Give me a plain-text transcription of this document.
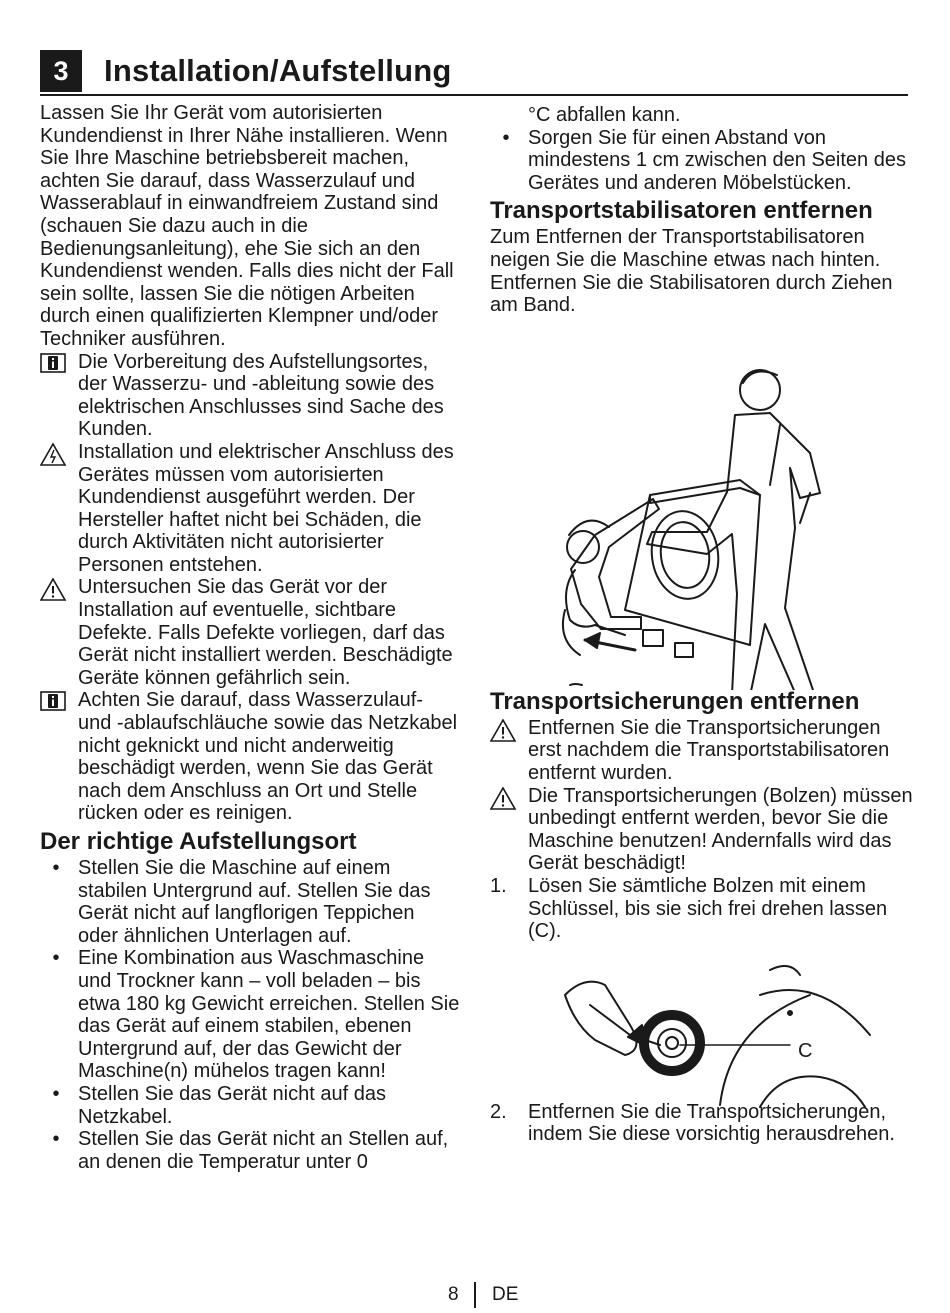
3	Installation/Aufstellung

Lassen Sie Ihr Gerät vom autorisierten Kundendienst in Ihrer Nähe installieren. Wenn Sie Ihre Maschine betriebsbereit machen, achten Sie darauf, dass Wasserzulauf und Wasserablauf in einwandfreiem Zustand sind (schauen Sie dazu auch in die Bedienungsanleitung), ehe Sie sich an den Kundendienst wenden. Falls dies nicht der Fall sein sollte, lassen Sie die nötigen Arbeiten durch einen qualifizierten Klempner und/oder Techniker ausführen.

Die Vorbereitung des Aufstellungsortes, der Wasserzu- und -ableitung sowie des elektrischen Anschlusses sind Sache des Kunden.
Installation und elektrischer Anschluss des Gerätes müssen vom autorisierten Kundendienst ausgeführt werden. Der Hersteller haftet nicht bei Schäden, die durch Aktivitäten nicht autorisierter Personen entstehen.
Untersuchen Sie das Gerät vor der Installation auf eventuelle, sichtbare Defekte. Falls Defekte vorliegen, darf das Gerät nicht installiert werden. Beschädigte Geräte können gefährlich sein.
Achten Sie darauf, dass Wasserzulauf- und -ablaufschläuche sowie das Netzkabel nicht geknickt und nicht anderweitig beschädigt werden, wenn Sie das Gerät nach dem Anschluss an Ort und Stelle rücken oder es reinigen.
Der richtige Aufstellungsort
• Stellen Sie die Maschine auf einem stabilen Untergrund auf. Stellen Sie das Gerät nicht auf langflorigen Teppichen oder ähnlichen Unterlagen auf.
• Eine Kombination aus Waschmaschine und Trockner kann – voll beladen – bis etwa 180 kg Gewicht erreichen. Stellen Sie das Gerät auf einem stabilen, ebenen Untergrund auf, der das Gewicht der Maschine(n) mühelos tragen kann!
• Stellen Sie das Gerät nicht auf das Netzkabel.
• Stellen Sie das Gerät nicht an Stellen auf, an denen die Temperatur unter 0
°C abfallen kann.
• Sorgen Sie für einen Abstand von mindestens 1 cm zwischen den Seiten des Gerätes und anderen Möbelstücken.
Transportstabilisatoren entfernen

Zum Entfernen der Transportstabilisatoren neigen Sie die Maschine etwas nach hinten. Entfernen Sie die Stabilisatoren durch Ziehen am Band.

Transportsicherungen entfernen
Entfernen Sie die Transportsicherungen erst nachdem die Transportstabilisatoren entfernt wurden.
Die Transportsicherungen (Bolzen) müssen unbedingt entfernt werden, bevor Sie die Maschine benutzen! Andernfalls wird das Gerät beschädigt!
1.	Lösen Sie sämtliche Bolzen mit einem Schlüssel, bis sie sich frei drehen lassen (C).
2.	Entfernen Sie die Transportsicherungen, indem Sie diese vorsichtig herausdrehen.
C
8 DE
